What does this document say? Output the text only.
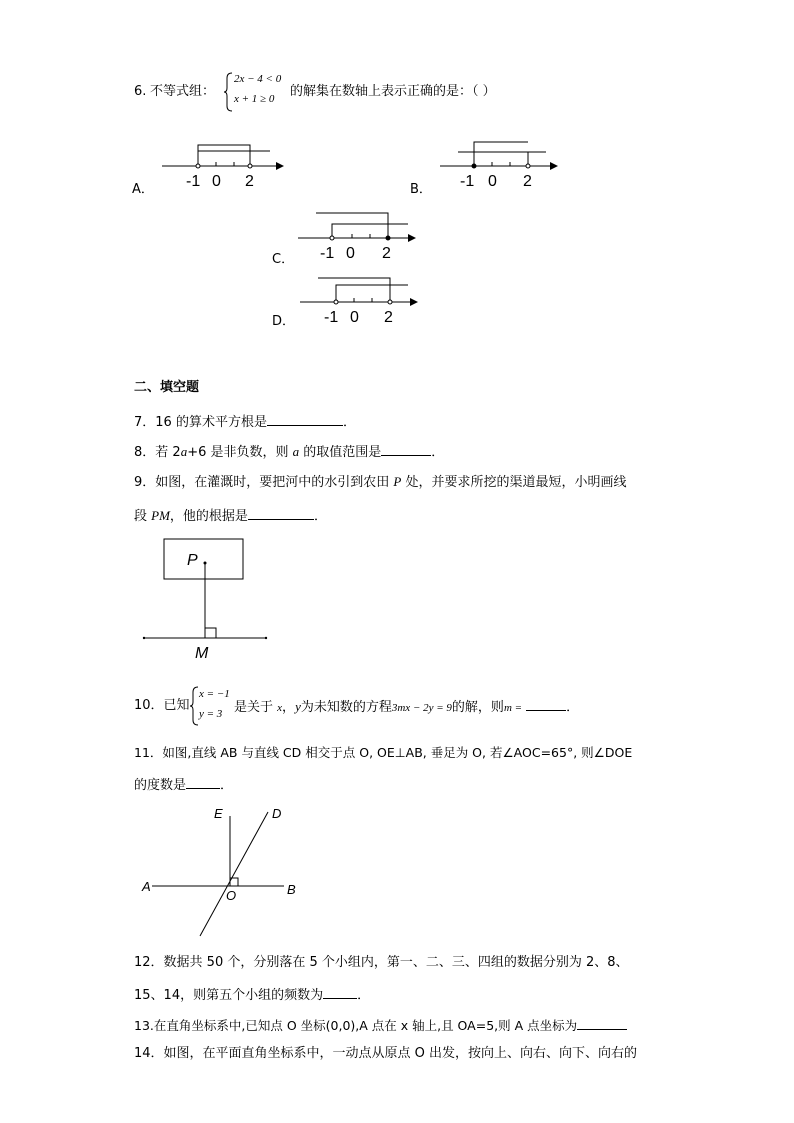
6. 不等式组：
2x − 4 < 0
x + 1 ≥ 0 的解集在数轴上表示正确的是：（ ）
A． -1 0 2	B． -1 0 2
C． -1 0 2
D． -1 0 2
二、填空题
7．16 的算术平方根是	．
8．若 2a+6 是非负数，则 a 的取值范围是	．
9．如图，在灌溉时，要把河中的水引到农田 P 处，并要求所挖的渠道最短，小明画线
段 PM，他的根据是	．
P
M
10．已知
x = −1
y = 3 是关于 x，y为未知数的方程3mx − 2y = 9的解，则m =	．
11．如图,直线 AB 与直线 CD 相交于点 O, OE⊥AB, 垂足为 O, 若∠AOC=65°, 则∠DOE
的度数是	．
E	D
A	B
O
12．数据共 50 个，分别落在 5 个小组内，第一、二、三、四组的数据分别为 2、8、
15、14，则第五个小组的频数为	．
13.在直角坐标系中,已知点 O 坐标(0,0),A 点在 x 轴上,且 OA=5,则 A 点坐标为
14．如图，在平面直角坐标系中，一动点从原点 O 出发，按向上、向右、向下、向右的
